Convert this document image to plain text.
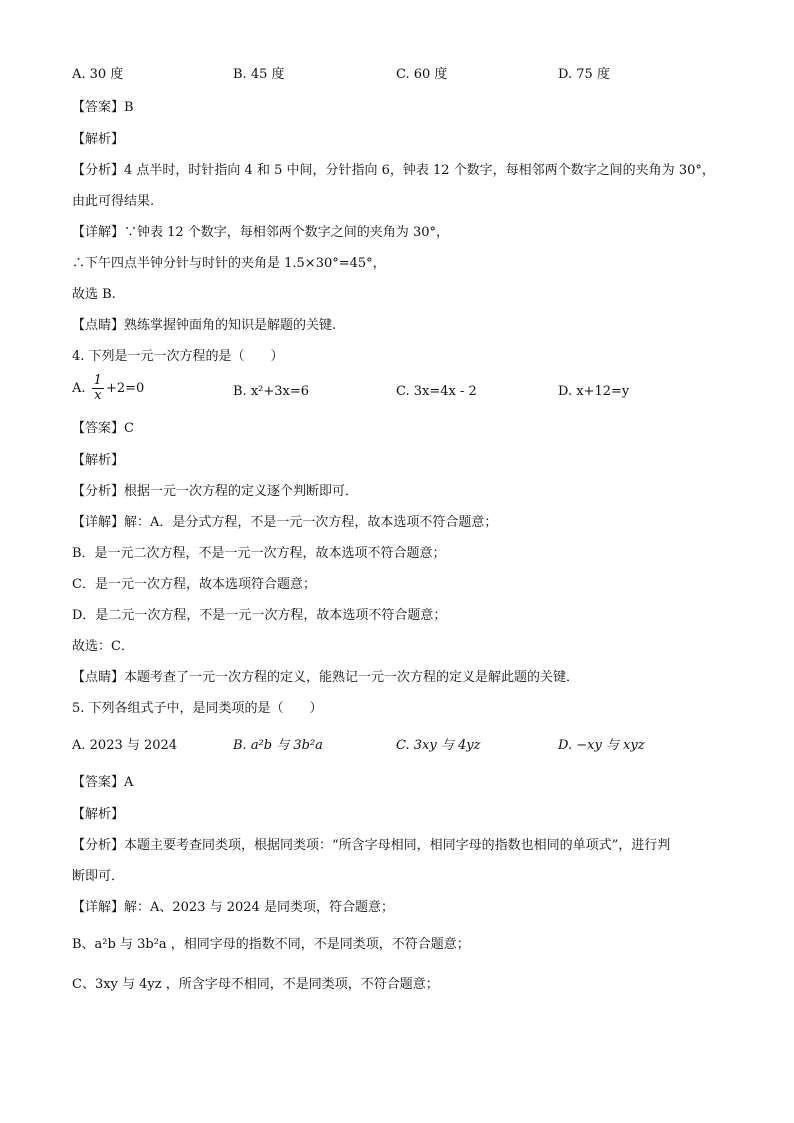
A. 30 度	B. 45 度	C. 60 度	D. 75 度
【答案】B
【解析】
【分析】4 点半时，时针指向 4 和 5 中间，分针指向 6，钟表 12 个数字，每相邻两个数字之间的夹角为 30°，
由此可得结果.
【详解】∵钟表 12 个数字，每相邻两个数字之间的夹角为 30°，
∴下午四点半钟分针与时针的夹角是 1.5×30°=45°，
故选 B.
【点睛】熟练掌握钟面角的知识是解题的关键.
4. 下列是一元一次方程的是（　　）
A. $\frac{1}{x} +2=0$	B. x²+3x=6	C. 3x=4x - 2	D. x+12=y
【答案】C
【解析】
【分析】根据一元一次方程的定义逐个判断即可．
【详解】解：A．是分式方程，不是一元一次方程，故本选项不符合题意；
B．是一元二次方程，不是一元一次方程，故本选项不符合题意；
C．是一元一次方程，故本选项符合题意；
D．是二元一次方程，不是一元一次方程，故本选项不符合题意；
故选：C．
【点睛】本题考查了一元一次方程的定义，能熟记一元一次方程的定义是解此题的关键．
5. 下列各组式子中，是同类项的是（　　）
A. 2023 与 2024	B. a²b 与 3b²a	C. 3xy 与 4yz	D. −xy 与 xyz
【答案】A
【解析】
【分析】本题主要考查同类项，根据同类项：“所含字母相同，相同字母的指数也相同的单项式”，进行判
断即可．
【详解】解：A、2023 与 2024 是同类项，符合题意；
B、a²b 与 3b²a ，相同字母的指数不同，不是同类项，不符合题意；
C、3xy 与 4yz ，所含字母不相同，不是同类项，不符合题意；
